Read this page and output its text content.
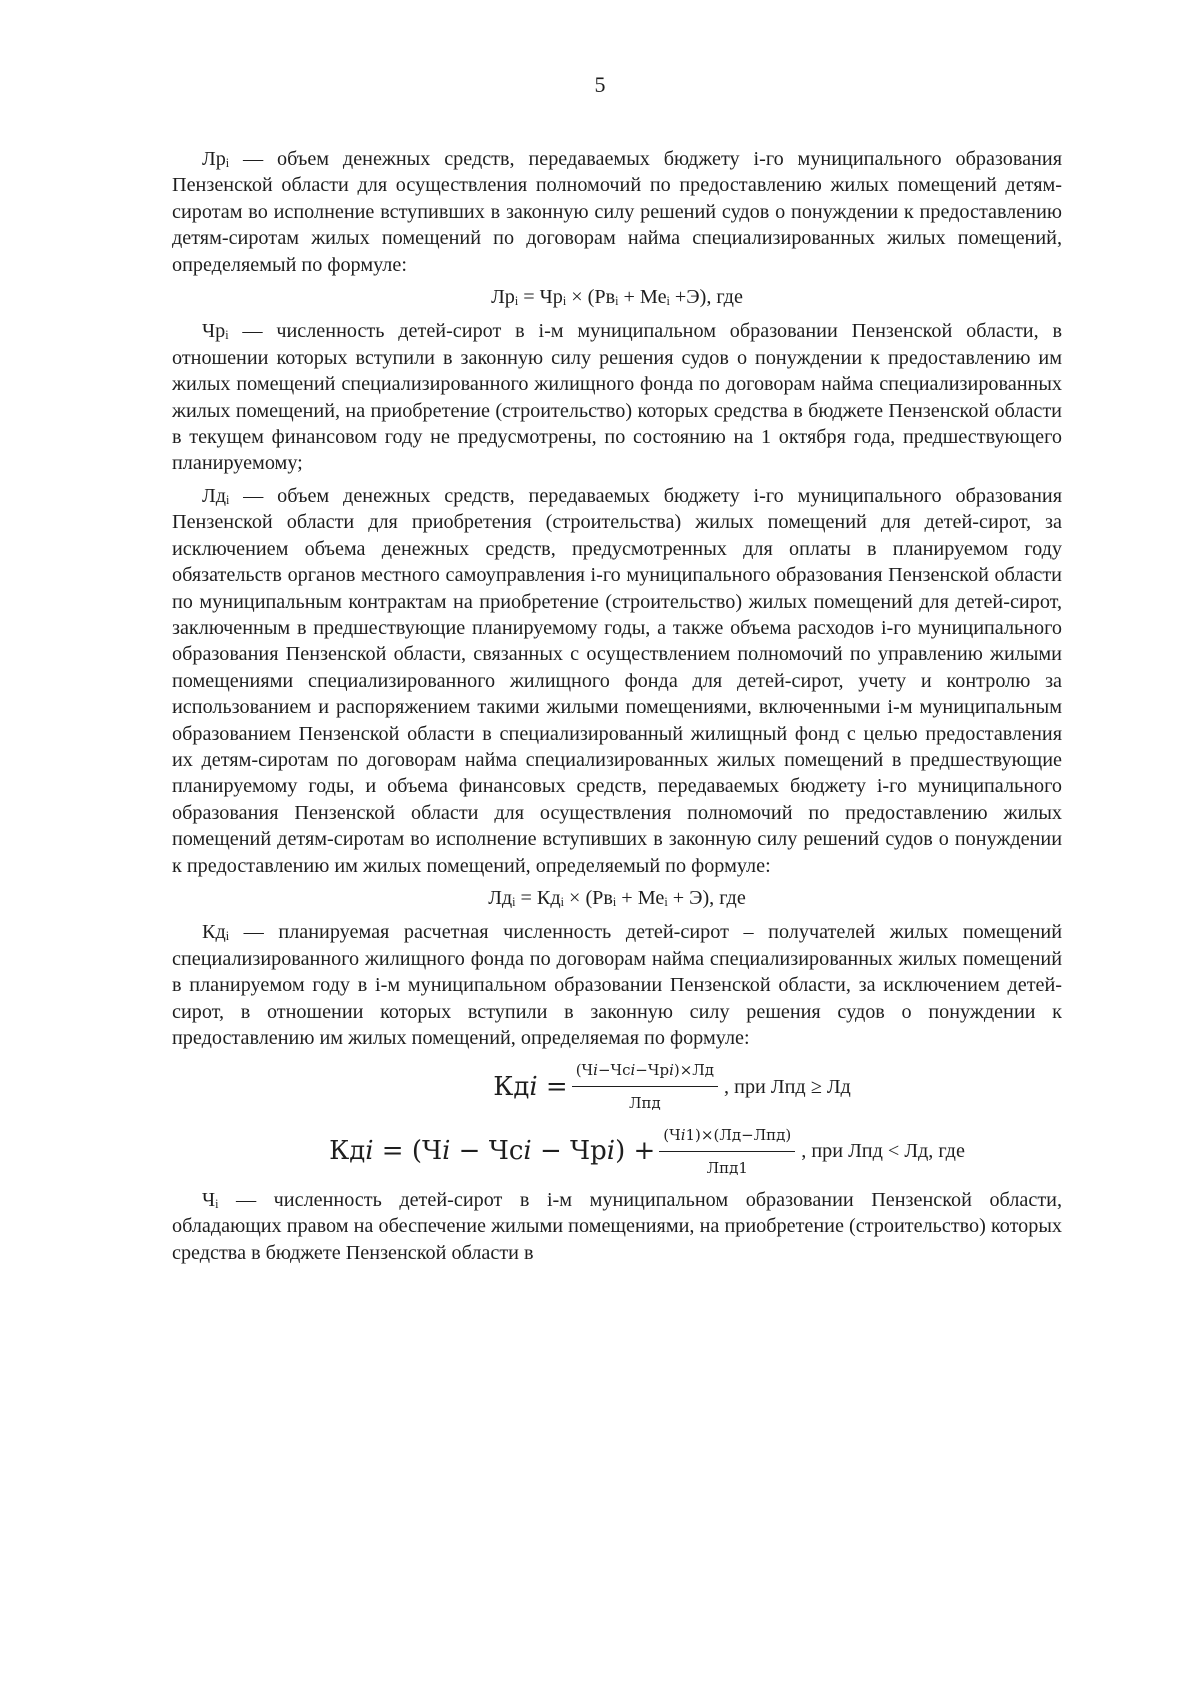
5

Лрᵢ — объем денежных средств, передаваемых бюджету i-го муниципального образования Пензенской области для осуществления полномочий по предоставлению жилых помещений детям-сиротам во исполнение вступивших в законную силу решений судов о понуждении к предоставлению детям-сиротам жилых помещений по договорам найма специализированных жилых помещений, определяемый по формуле:

Лрᵢ = Чрᵢ × (Рвᵢ + Меᵢ +Э), где

Чрᵢ — численность детей-сирот в i-м муниципальном образовании Пензенской области, в отношении которых вступили в законную силу решения судов о понуждении к предоставлению им жилых помещений специализированного жилищного фонда по договорам найма специализированных жилых помещений, на приобретение (строительство) которых средства в бюджете Пензенской области в текущем финансовом году не предусмотрены, по состоянию на 1 октября года, предшествующего планируемому;

Лдᵢ — объем денежных средств, передаваемых бюджету i-го муниципального образования Пензенской области для приобретения (строительства) жилых помещений для детей-сирот, за исключением объема денежных средств, предусмотренных для оплаты в планируемом году обязательств органов местного самоуправления i-го муниципального образования Пензенской области по муниципальным контрактам на приобретение (строительство) жилых помещений для детей-сирот, заключенным в предшествующие планируемому годы, а также объема расходов i-го муниципального образования Пензенской области, связанных с осуществлением полномочий по управлению жилыми помещениями специализированного жилищного фонда для детей-сирот, учету и контролю за использованием и распоряжением такими жилыми помещениями, включенными i-м муниципальным образованием Пензенской области в специализированный жилищный фонд с целью предоставления их детям-сиротам по договорам найма специализированных жилых помещений в предшествующие планируемому годы, и объема финансовых средств, передаваемых бюджету i-го муниципального образования Пензенской области для осуществления полномочий по предоставлению жилых помещений детям-сиротам во исполнение вступивших в законную силу решений судов о понуждении к предоставлению им жилых помещений, определяемый по формуле:

Лдᵢ = Кдᵢ × (Рвᵢ + Меᵢ + Э), где

Кдᵢ — планируемая расчетная численность детей-сирот – получателей жилых помещений специализированного жилищного фонда по договорам найма специализированных жилых помещений в планируемом году в i-м муниципальном образовании Пензенской области, за исключением детей-сирот, в отношении которых вступили в законную силу решения судов о понуждении к предоставлению им жилых помещений, определяемая по формуле:

Кд𝑖 = $\frac{\text{(Ч𝑖−Чс𝑖−Чр𝑖)×Лд}}{\text{Лпд}}$ , при Лпд ≥ Лд
Кд𝑖 = (Ч𝑖 − Чс𝑖 − Чр𝑖) + $\frac{\text{(Ч𝑖1)×(Лд−Лпд)}}{\text{Лпд1}}$ , при Лпд < Лд, где

Чᵢ — численность детей-сирот в i-м муниципальном образовании Пензенской области, обладающих правом на обеспечение жилыми помещениями, на приобретение (строительство) которых средства в бюджете Пензенской области в
